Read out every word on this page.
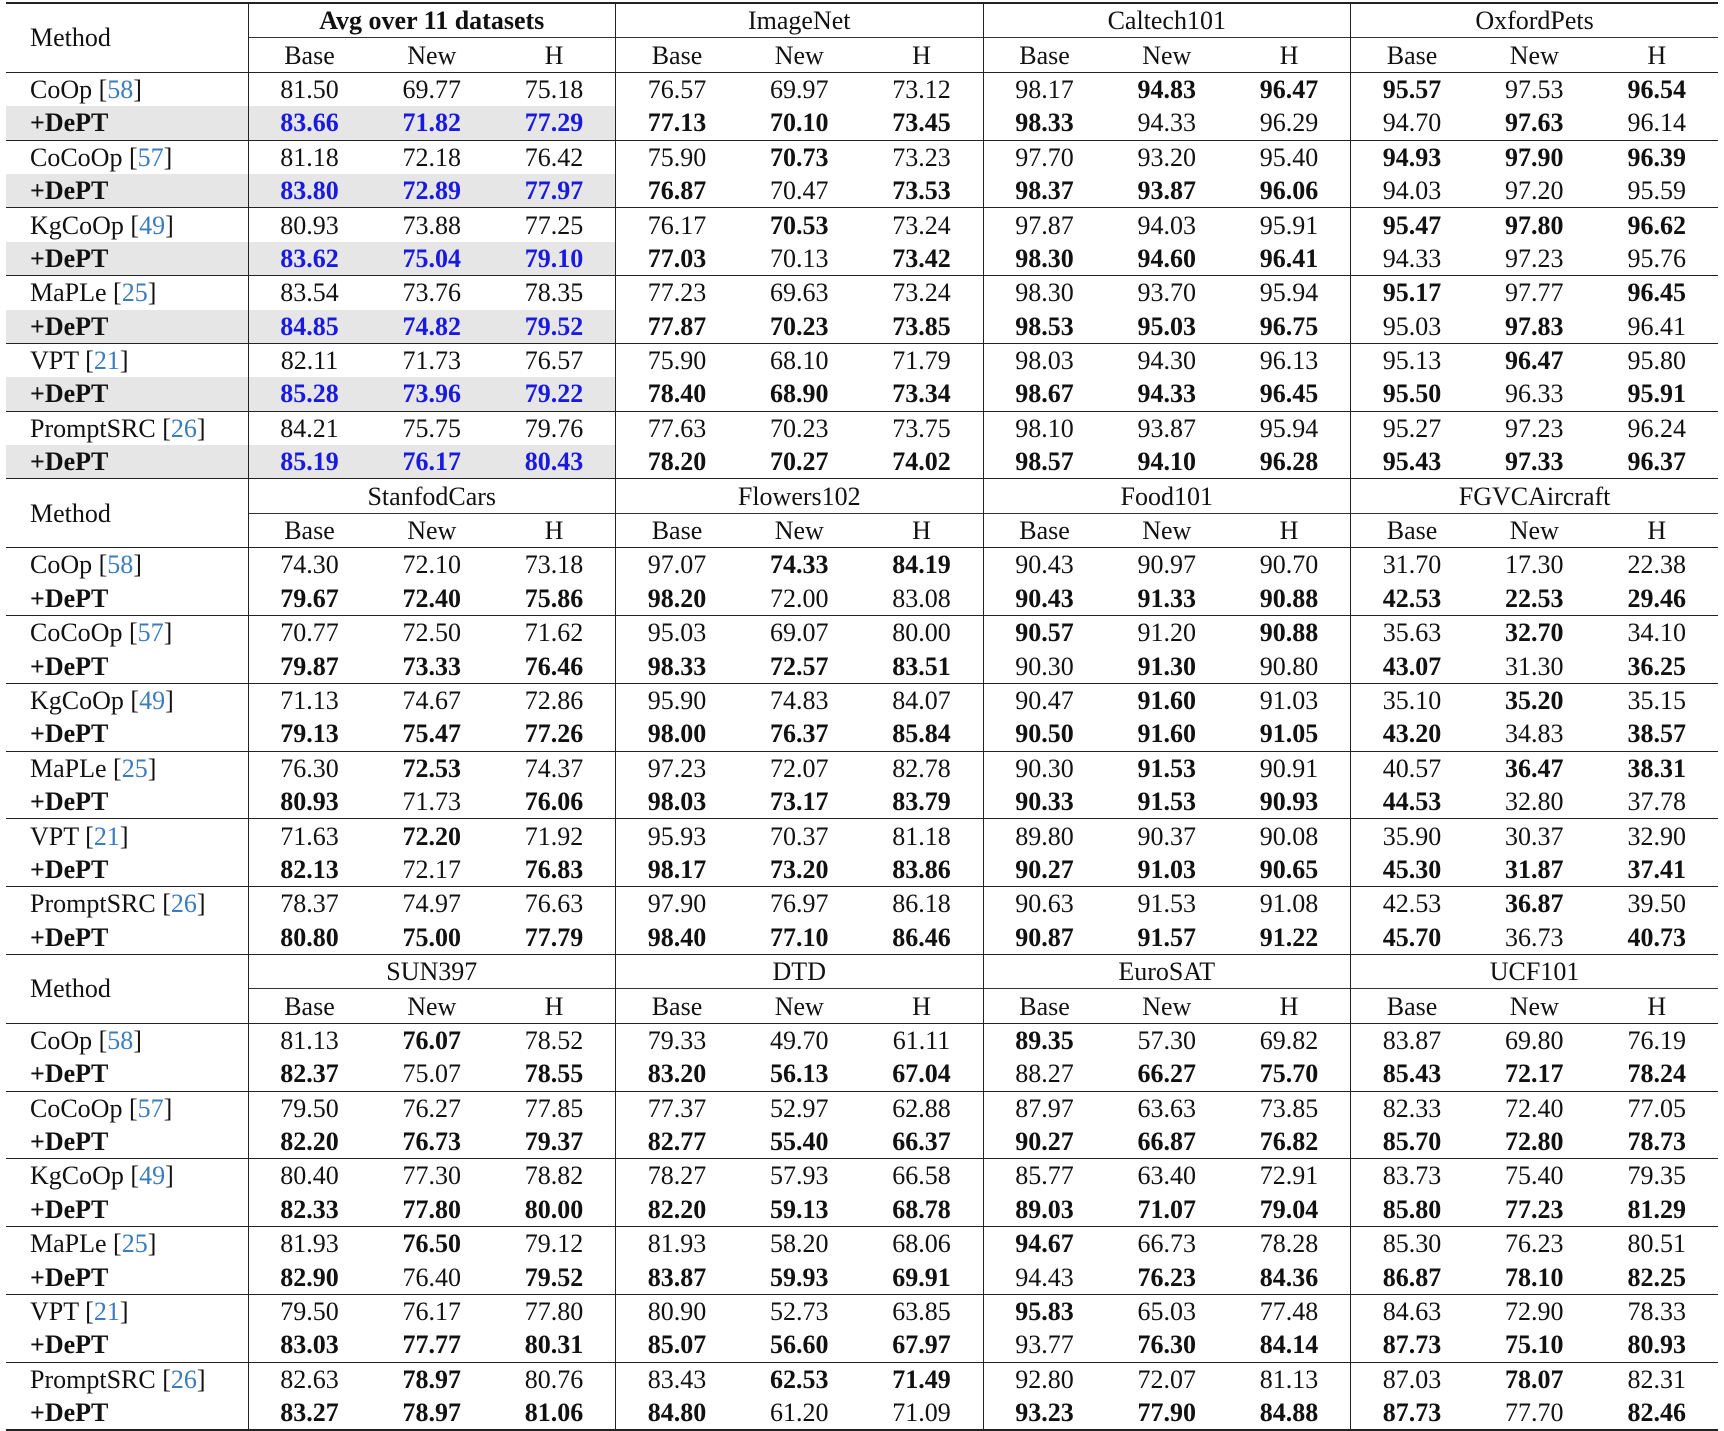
Method	Avg over 11 datasets			ImageNet			Caltech101			OxfordPets		
	Base	New	H	Base	New	H	Base	New	H	Base	New	H
CoOp [58]	81.50	69.77	75.18	76.57	69.97	73.12	98.17	94.83	96.47	95.57	97.53	96.54
+DePT	83.66	71.82	77.29	77.13	70.10	73.45	98.33	94.33	96.29	94.70	97.63	96.14
CoCoOp [57]	81.18	72.18	76.42	75.90	70.73	73.23	97.70	93.20	95.40	94.93	97.90	96.39
+DePT	83.80	72.89	77.97	76.87	70.47	73.53	98.37	93.87	96.06	94.03	97.20	95.59
KgCoOp [49]	80.93	73.88	77.25	76.17	70.53	73.24	97.87	94.03	95.91	95.47	97.80	96.62
+DePT	83.62	75.04	79.10	77.03	70.13	73.42	98.30	94.60	96.41	94.33	97.23	95.76
MaPLe [25]	83.54	73.76	78.35	77.23	69.63	73.24	98.30	93.70	95.94	95.17	97.77	96.45
+DePT	84.85	74.82	79.52	77.87	70.23	73.85	98.53	95.03	96.75	95.03	97.83	96.41
VPT [21]	82.11	71.73	76.57	75.90	68.10	71.79	98.03	94.30	96.13	95.13	96.47	95.80
+DePT	85.28	73.96	79.22	78.40	68.90	73.34	98.67	94.33	96.45	95.50	96.33	95.91
PromptSRC [26]	84.21	75.75	79.76	77.63	70.23	73.75	98.10	93.87	95.94	95.27	97.23	96.24
+DePT	85.19	76.17	80.43	78.20	70.27	74.02	98.57	94.10	96.28	95.43	97.33	96.37
Method	StanfodCars			Flowers102			Food101			FGVCAircraft		
	Base	New	H	Base	New	H	Base	New	H	Base	New	H
CoOp [58]	74.30	72.10	73.18	97.07	74.33	84.19	90.43	90.97	90.70	31.70	17.30	22.38
+DePT	79.67	72.40	75.86	98.20	72.00	83.08	90.43	91.33	90.88	42.53	22.53	29.46
CoCoOp [57]	70.77	72.50	71.62	95.03	69.07	80.00	90.57	91.20	90.88	35.63	32.70	34.10
+DePT	79.87	73.33	76.46	98.33	72.57	83.51	90.30	91.30	90.80	43.07	31.30	36.25
KgCoOp [49]	71.13	74.67	72.86	95.90	74.83	84.07	90.47	91.60	91.03	35.10	35.20	35.15
+DePT	79.13	75.47	77.26	98.00	76.37	85.84	90.50	91.60	91.05	43.20	34.83	38.57
MaPLe [25]	76.30	72.53	74.37	97.23	72.07	82.78	90.30	91.53	90.91	40.57	36.47	38.31
+DePT	80.93	71.73	76.06	98.03	73.17	83.79	90.33	91.53	90.93	44.53	32.80	37.78
VPT [21]	71.63	72.20	71.92	95.93	70.37	81.18	89.80	90.37	90.08	35.90	30.37	32.90
+DePT	82.13	72.17	76.83	98.17	73.20	83.86	90.27	91.03	90.65	45.30	31.87	37.41
PromptSRC [26]	78.37	74.97	76.63	97.90	76.97	86.18	90.63	91.53	91.08	42.53	36.87	39.50
+DePT	80.80	75.00	77.79	98.40	77.10	86.46	90.87	91.57	91.22	45.70	36.73	40.73
Method	SUN397			DTD			EuroSAT			UCF101		
	Base	New	H	Base	New	H	Base	New	H	Base	New	H
CoOp [58]	81.13	76.07	78.52	79.33	49.70	61.11	89.35	57.30	69.82	83.87	69.80	76.19
+DePT	82.37	75.07	78.55	83.20	56.13	67.04	88.27	66.27	75.70	85.43	72.17	78.24
CoCoOp [57]	79.50	76.27	77.85	77.37	52.97	62.88	87.97	63.63	73.85	82.33	72.40	77.05
+DePT	82.20	76.73	79.37	82.77	55.40	66.37	90.27	66.87	76.82	85.70	72.80	78.73
KgCoOp [49]	80.40	77.30	78.82	78.27	57.93	66.58	85.77	63.40	72.91	83.73	75.40	79.35
+DePT	82.33	77.80	80.00	82.20	59.13	68.78	89.03	71.07	79.04	85.80	77.23	81.29
MaPLe [25]	81.93	76.50	79.12	81.93	58.20	68.06	94.67	66.73	78.28	85.30	76.23	80.51
+DePT	82.90	76.40	79.52	83.87	59.93	69.91	94.43	76.23	84.36	86.87	78.10	82.25
VPT [21]	79.50	76.17	77.80	80.90	52.73	63.85	95.83	65.03	77.48	84.63	72.90	78.33
+DePT	83.03	77.77	80.31	85.07	56.60	67.97	93.77	76.30	84.14	87.73	75.10	80.93
PromptSRC [26]	82.63	78.97	80.76	83.43	62.53	71.49	92.80	72.07	81.13	87.03	78.07	82.31
+DePT	83.27	78.97	81.06	84.80	61.20	71.09	93.23	77.90	84.88	87.73	77.70	82.46
